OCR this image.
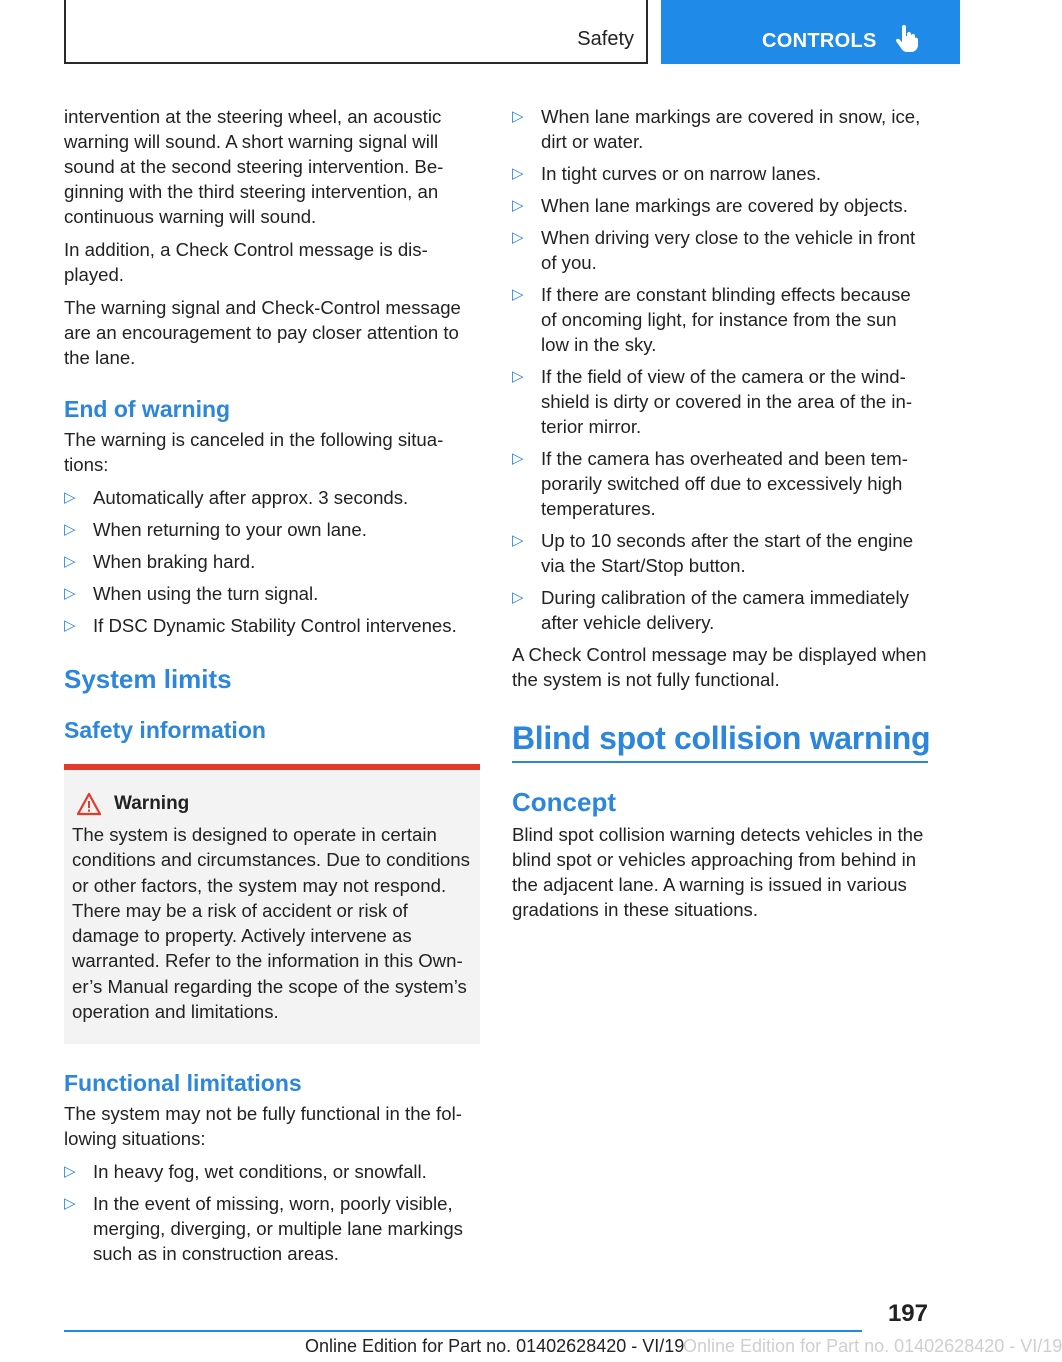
Safety	CONTROLS

intervention at the steering wheel, an acoustic warning will sound. A short warning signal will sound at the second steering intervention. Beginning with the third steering intervention, an continuous warning will sound.

In addition, a Check Control message is displayed.

The warning signal and Check-Control message are an encouragement to pay closer attention to the lane.

End of warning

The warning is canceled in the following situations:

▷ Automatically after approx. 3 seconds.
▷ When returning to your own lane.
▷ When braking hard.
▷ When using the turn signal.
▷ If DSC Dynamic Stability Control intervenes.
System limits
Safety information
Warning

The system is designed to operate in certain conditions and circumstances. Due to conditions or other factors, the system may not respond. There may be a risk of accident or risk of damage to property. Actively intervene as warranted. Refer to the information in this Owner’s Manual regarding the scope of the system’s operation and limitations.

Functional limitations

The system may not be fully functional in the following situations:

▷ In heavy fog, wet conditions, or snowfall.
▷ In the event of missing, worn, poorly visible, merging, diverging, or multiple lane markings such as in construction areas.
▷ When lane markings are covered in snow, ice, dirt or water.
▷ In tight curves or on narrow lanes.
▷ When lane markings are covered by objects.
▷ When driving very close to the vehicle in front of you.
▷ If there are constant blinding effects because of oncoming light, for instance from the sun low in the sky.
▷ If the field of view of the camera or the windshield is dirty or covered in the area of the interior mirror.
▷ If the camera has overheated and been temporarily switched off due to excessively high temperatures.
▷ Up to 10 seconds after the start of the engine via the Start/Stop button.
▷ During calibration of the camera immediately after vehicle delivery.

A Check Control message may be displayed when the system is not fully functional.

Blind spot collision warning
Concept

Blind spot collision warning detects vehicles in the blind spot or vehicles approaching from behind in the adjacent lane. A warning is issued in various gradations in these situations.

197
Online Edition for Part no. 01402628420 - VI/19
Online Edition for Part no. 01402628420 - VI/19
